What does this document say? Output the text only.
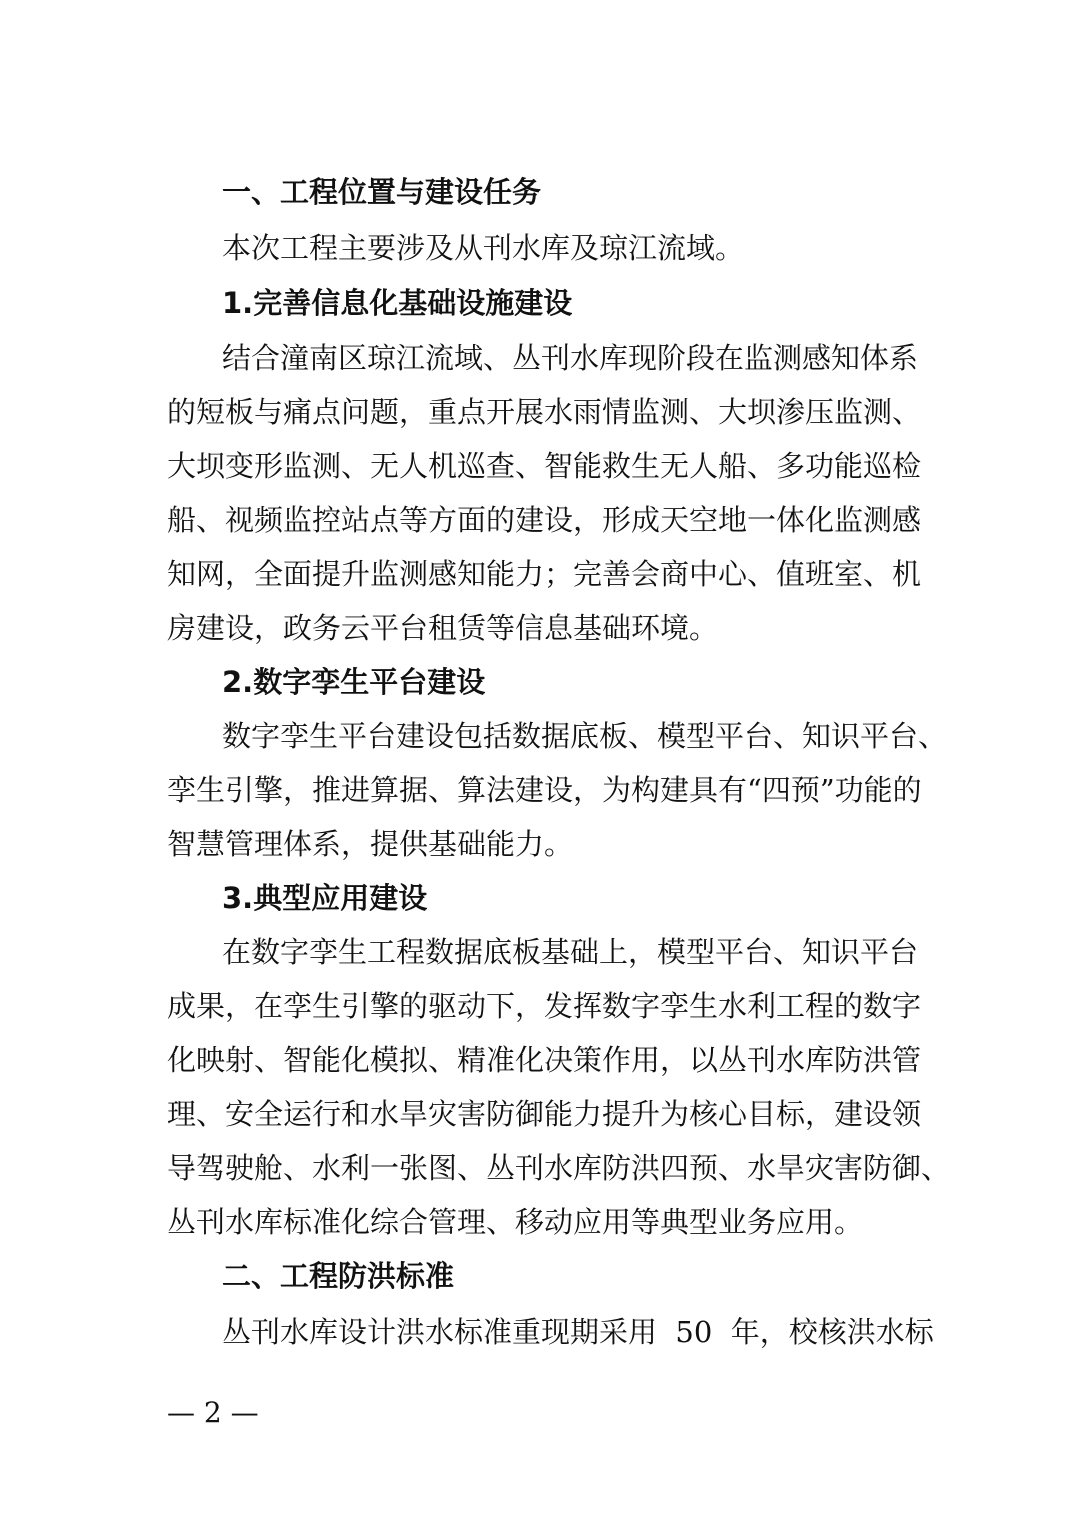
一、工程位置与建设任务
本次工程主要涉及从刊水库及琼江流域。
1.完善信息化基础设施建设
结合潼南区琼江流域、丛刊水库现阶段在监测感知体系
的短板与痛点问题，重点开展水雨情监测、大坝渗压监测、
大坝变形监测、无人机巡查、智能救生无人船、多功能巡检
船、视频监控站点等方面的建设，形成天空地一体化监测感
知网，全面提升监测感知能力；完善会商中心、值班室、机
房建设，政务云平台租赁等信息基础环境。
2.数字孪生平台建设
数字孪生平台建设包括数据底板、模型平台、知识平台、
孪生引擎，推进算据、算法建设，为构建具有“四预”功能的
智慧管理体系，提供基础能力。
3.典型应用建设
在数字孪生工程数据底板基础上，模型平台、知识平台
成果，在孪生引擎的驱动下，发挥数字孪生水利工程的数字
化映射、智能化模拟、精准化决策作用，以丛刊水库防洪管
理、安全运行和水旱灾害防御能力提升为核心目标，建设领
导驾驶舱、水利一张图、丛刊水库防洪四预、水旱灾害防御、
丛刊水库标准化综合管理、移动应用等典型业务应用。
二、工程防洪标准
丛刊水库设计洪水标准重现期采用  50  年，校核洪水标
— 2 —
